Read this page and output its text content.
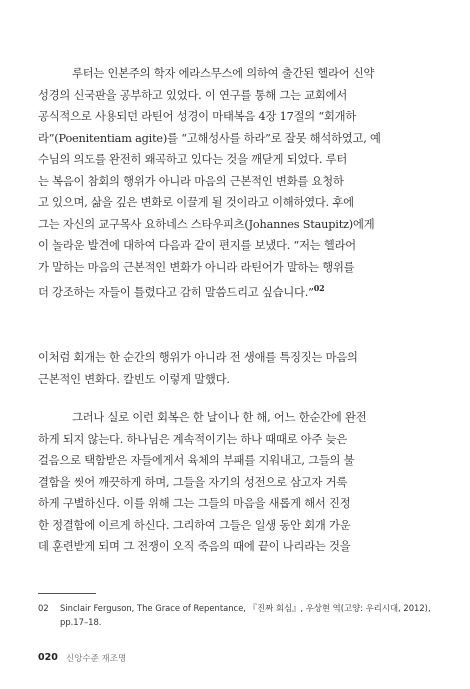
루터는 인본주의 학자 에라스무스에 의하여 출간된 헬라어 신약
성경의 신국판을 공부하고 있었다. 이 연구를 통해 그는 교회에서
공식적으로 사용되던 라틴어 성경이 마태복음 4장 17절의 “회개하
라”(Poenitentiam agite)를 “고해성사를 하라”로 잘못 해석하였고, 예
수님의 의도를 완전히 왜곡하고 있다는 것을 깨닫게 되었다. 루터
는 복음이 참회의 행위가 아니라 마음의 근본적인 변화를 요청하
고 있으며, 삶을 깊은 변화로 이끌게 될 것이라고 이해하였다. 후에
그는 자신의 교구목사 요하네스 스타우피츠(Johannes Staupitz)에게
이 놀라운 발견에 대하여 다음과 같이 편지를 보냈다. “저는 헬라어
가 말하는 마음의 근본적인 변화가 아니라 라틴어가 말하는 행위를
더 강조하는 자들이 틀렸다고 감히 말씀드리고 싶습니다.”$^{02}$
이처럼 회개는 한 순간의 행위가 아니라 전 생애를 특징짓는 마음의
근본적인 변화다. 칼빈도 이렇게 말했다.
그러나 실로 이런 회복은 한 날이나 한 해, 어느 한순간에 완전
하게 되지 않는다. 하나님은 계속적이기는 하나 때때로 아주 늦은
걸음으로 택함받은 자들에게서 육체의 부패를 지워내고, 그들의 불
결함을 씻어 깨끗하게 하며, 그들을 자기의 성전으로 삼고자 거룩
하게 구별하신다. 이를 위해 그는 그들의 마음을 새롭게 해서 진정
한 정결함에 이르게 하신다. 그리하여 그들은 일생 동안 회개 가운
데 훈련받게 되며 그 전쟁이 오직 죽음의 때에 끝이 나리라는 것을
02 Sinclair Ferguson, The Grace of Repentance, 『진짜 회심』, 우상현 역(고양: 우리시대, 2012),
pp.17–18.
020 신앙수준 재조명
